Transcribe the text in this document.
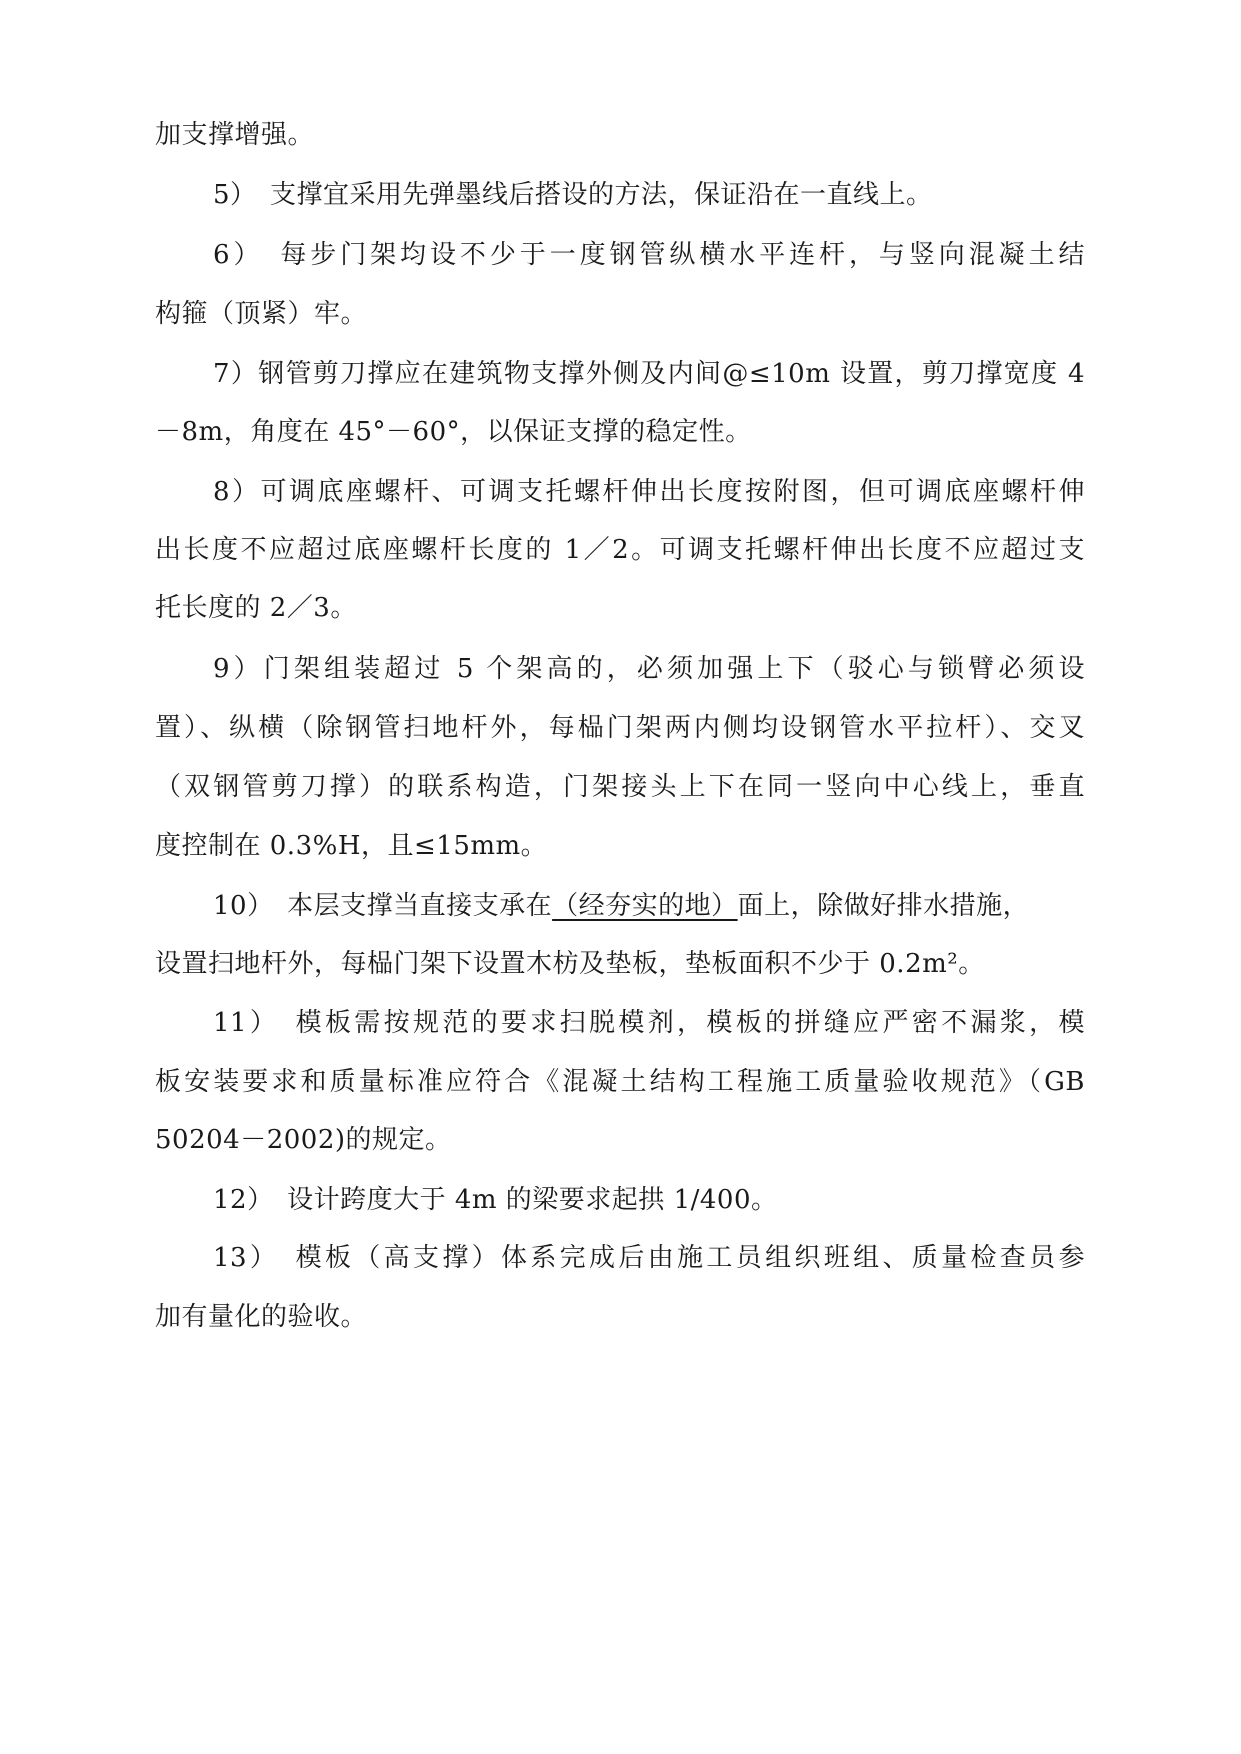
加支撑增强。
5）　支撑宜采用先弹墨线后搭设的方法，保证沿在一直线上。
6）　每步门架均设不少于一度钢管纵横水平连杆，与竖向混凝土结
构箍（顶紧）牢。
7）钢管剪刀撑应在建筑物支撑外侧及内间@≤10m 设置，剪刀撑宽度 4
－8m，角度在 45°－60°，以保证支撑的稳定性。
8）可调底座螺杆、可调支托螺杆伸出长度按附图，但可调底座螺杆伸
出长度不应超过底座螺杆长度的 1／2。可调支托螺杆伸出长度不应超过支
托长度的 2／3。
9）门架组装超过 5 个架高的，必须加强上下（驳心与锁臂必须设
置）、纵横（除钢管扫地杆外，每榀门架两内侧均设钢管水平拉杆）、交叉
（双钢管剪刀撑）的联系构造，门架接头上下在同一竖向中心线上，垂直
度控制在 0.3%H，且≤15mm。
10）　本层支撑当直接支承在（经夯实的地）面上，除做好排水措施，
设置扫地杆外，每榀门架下设置木枋及垫板，垫板面积不少于 0.2m²。
11）　模板需按规范的要求扫脱模剂，模板的拼缝应严密不漏浆，模
板安装要求和质量标准应符合《混凝土结构工程施工质量验收规范》（GB
50204－2002)的规定。
12）　设计跨度大于 4m 的梁要求起拱 1/400。
13）　模板（高支撑）体系完成后由施工员组织班组、质量检查员参
加有量化的验收。
